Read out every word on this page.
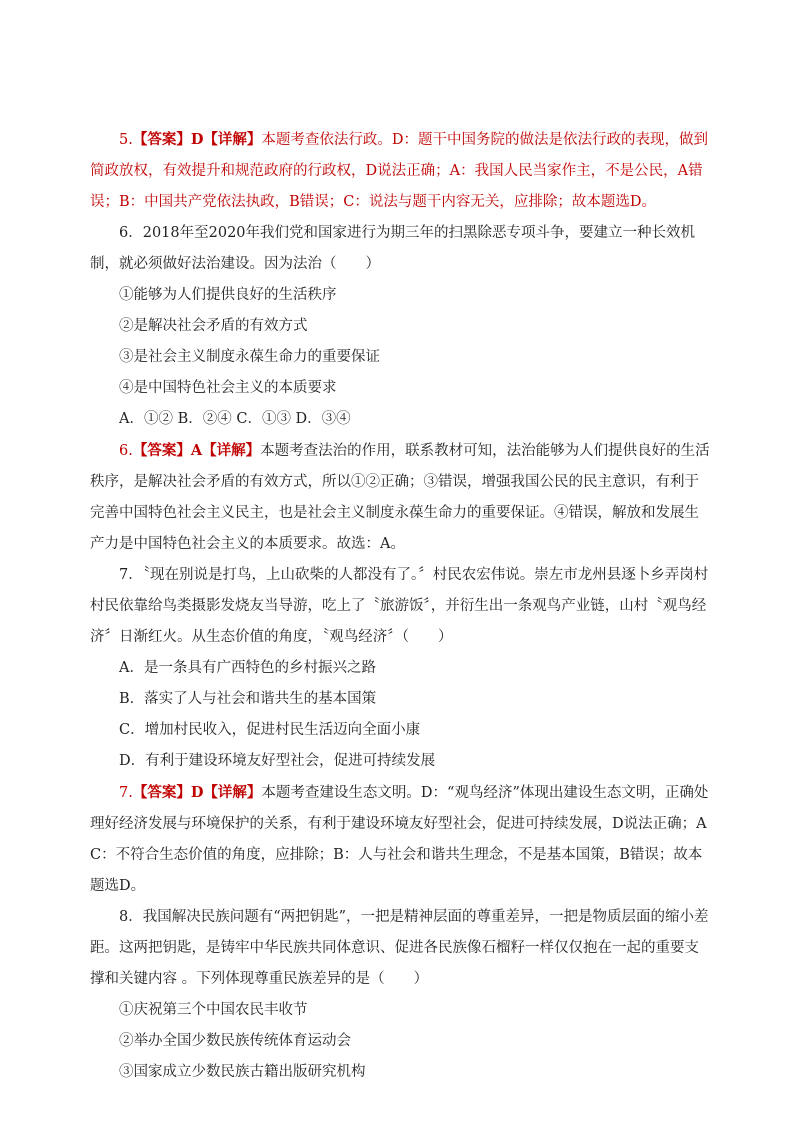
5.【答案】D【详解】本题考查依法行政。D：题干中国务院的做法是依法行政的表现，做到简政放权，有效提升和规范政府的行政权，D说法正确；A：我国人民当家作主，不是公民，A错误；B：中国共产党依法执政，B错误；C：说法与题干内容无关，应排除；故本题选D。

6．2018年至2020年我们党和国家进行为期三年的扫黑除恶专项斗争，要建立一种长效机制，就必须做好法治建设。因为法治（　　）

①能够为人们提供良好的生活秩序

②是解决社会矛盾的有效方式

③是社会主义制度永葆生命力的重要保证

④是中国特色社会主义的本质要求

A．①② B．②④ C．①③ D．③④

6.【答案】A【详解】本题考查法治的作用，联系教材可知，法治能够为人们提供良好的生活秩序，是解决社会矛盾的有效方式，所以①②正确；③错误，增强我国公民的民主意识，有利于完善中国特色社会主义民主，也是社会主义制度永葆生命力的重要保证。④错误，解放和发展生产力是中国特色社会主义的本质要求。故选：A。

7．〝现在别说是打鸟，上山砍柴的人都没有了。〞村民农宏伟说。崇左市龙州县逐卜乡弄岗村村民依靠给鸟类摄影发烧友当导游，吃上了〝旅游饭〞，并衍生出一条观鸟产业链，山村〝观鸟经济〞日渐红火。从生态价值的角度，〝观鸟经济〞（　　）

A．是一条具有广西特色的乡村振兴之路

B．落实了人与社会和谐共生的基本国策

C．增加村民收入，促进村民生活迈向全面小康

D．有利于建设环境友好型社会，促进可持续发展

7.【答案】D【详解】本题考查建设生态文明。D：“观鸟经济”体现出建设生态文明，正确处理好经济发展与环境保护的关系，有利于建设环境友好型社会，促进可持续发展，D说法正确；AC：不符合生态价值的角度，应排除；B：人与社会和谐共生理念，不是基本国策，B错误；故本题选D。

8．我国解决民族问题有“两把钥匙”，一把是精神层面的尊重差异，一把是物质层面的缩小差距。这两把钥匙，是铸牢中华民族共同体意识、促进各民族像石榴籽一样仅仅抱在一起的重要支撑和关键内容 。下列体现尊重民族差异的是（　　）

①庆祝第三个中国农民丰收节

②举办全国少数民族传统体育运动会

③国家成立少数民族古籍出版研究机构
